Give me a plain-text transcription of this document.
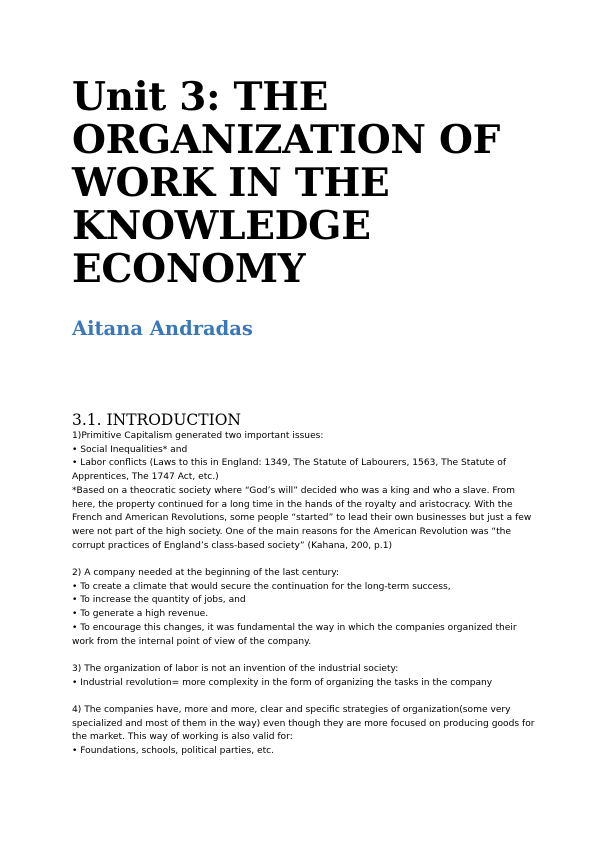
Unit 3: THE
ORGANIZATION OF
WORK IN THE
KNOWLEDGE
ECONOMY

Aitana Andradas

3.1. INTRODUCTION
1)Primitive Capitalism generated two important issues:
• Social Inequalities* and
• Labor conflicts (Laws to this in England: 1349, The Statute of Labourers, 1563, The Statute of
Apprentices, The 1747 Act, etc.)
*Based on a theocratic society where “God’s will” decided who was a king and who a slave. From
here, the property continued for a long time in the hands of the royalty and aristocracy. With the
French and American Revolutions, some people “started” to lead their own businesses but just a few
were not part of the high society. One of the main reasons for the American Revolution was “the
corrupt practices of England’s class-based society” (Kahana, 200, p.1)
2) A company needed at the beginning of the last century:
• To create a climate that would secure the continuation for the long-term success,
• To increase the quantity of jobs, and
• To generate a high revenue.
• To encourage this changes, it was fundamental the way in which the companies organized their
work from the internal point of view of the company.
3) The organization of labor is not an invention of the industrial society:
• Industrial revolution= more complexity in the form of organizing the tasks in the company
4) The companies have, more and more, clear and specific strategies of organization(some very
specialized and most of them in the way) even though they are more focused on producing goods for
the market. This way of working is also valid for:
• Foundations, schools, political parties, etc.
